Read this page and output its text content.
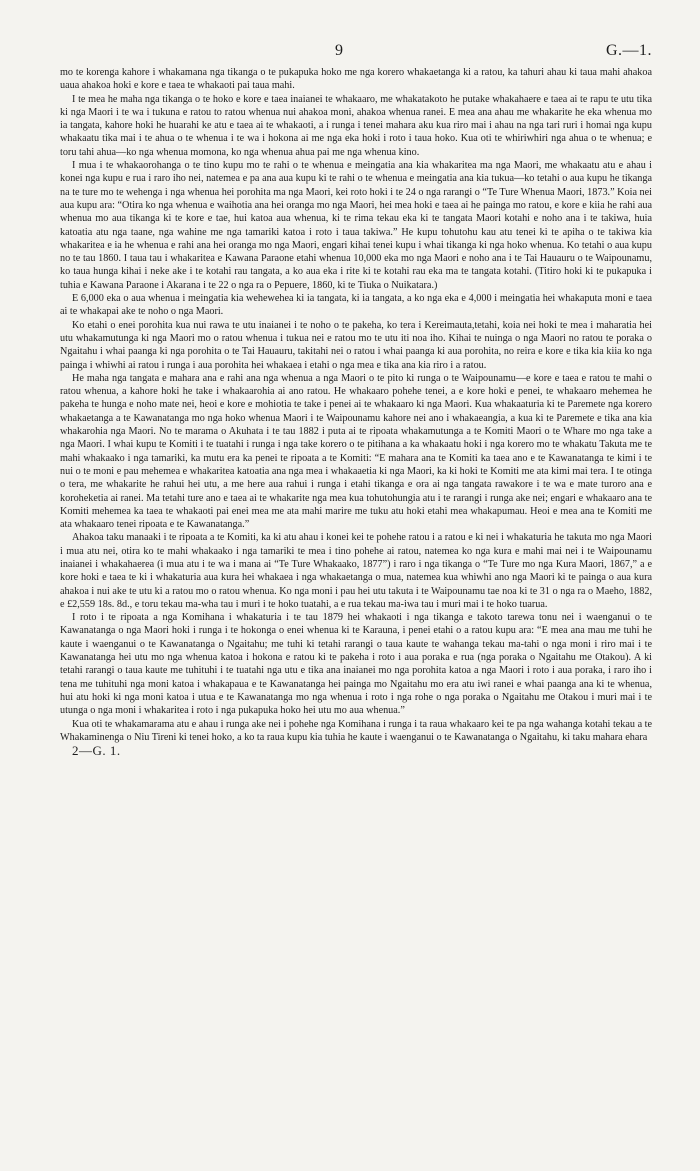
9	G.—1.

mo te korenga kahore i whakamana nga tikanga o te pukapuka hoko me nga korero whakaetanga ki a ratou, ka tahuri ahau ki taua mahi ahakoa uaua ahakoa hoki e kore e taea te whakaoti pai taua mahi.

I te mea he maha nga tikanga o te hoko e kore e taea inaianei te whakaaro, me whakatakoto he putake whakahaere e taea ai te rapu te utu tika ki nga Maori i te wa i tukuna e ratou to ratou whenua nui ahakoa moni, ahakoa whenua ranei. E mea ana ahau me whakarite he eka whenua mo ia tangata, kahore hoki he huarahi ke atu e taea ai te whakaoti, a i runga i tenei mahara aku kua riro mai i ahau na nga tari ruri i homai nga kupu whakaatu tika mai i te ahua o te whenua i te wa i hokona ai me nga eka hoki i roto i taua hoko. Kua oti te whiriwhiri nga ahua o te whenua; e toru tahi ahua—ko nga whenua momona, ko nga whenua ahua pai me nga whenua kino.

I mua i te whakaorohanga o te tino kupu mo te rahi o te whenua e meingatia ana kia whakaritea ma nga Maori, me whakaatu atu e ahau i konei nga kupu e rua i raro iho nei, natemea e pa ana aua kupu ki te rahi o te whenua e meingatia ana kia tukua—ko tetahi o aua kupu he tikanga na te ture mo te wehenga i nga whenua hei porohita ma nga Maori, kei roto hoki i te 24 o nga rarangi o “Te Ture Whenua Maori, 1873.” Koia nei aua kupu ara: “Otira ko nga whenua e waihotia ana hei oranga mo nga Maori, hei mea hoki e taea ai he painga mo ratou, e kore e kiia he rahi aua whenua mo aua tikanga ki te kore e tae, hui katoa aua whenua, ki te rima tekau eka ki te tangata Maori kotahi e noho ana i te takiwa, huia katoatia atu nga taane, nga wahine me nga tamariki katoa i roto i taua takiwa.” He kupu tohutohu kau atu tenei ki te apiha o te takiwa kia whakaritea e ia he whenua e rahi ana hei oranga mo nga Maori, engari kihai tenei kupu i whai tikanga ki nga hoko whenua. Ko tetahi o aua kupu no te tau 1860. I taua tau i whakaritea e Kawana Paraone etahi whenua 10,000 eka mo nga Maori e noho ana i te Tai Hauauru o te Waipounamu, ko taua hunga kihai i neke ake i te kotahi rau tangata, a ko aua eka i rite ki te kotahi rau eka ma te tangata kotahi. (Titiro hoki ki te pukapuka i tuhia e Kawana Paraone i Akarana i te 22 o nga ra o Pepuere, 1860, ki te Tiuka o Nuikatara.)

E 6,000 eka o aua whenua i meingatia kia wehewehea ki ia tangata, ki ia tangata, a ko nga eka e 4,000 i meingatia hei whakaputa moni e taea ai te whakapai ake te noho o nga Maori.

Ko etahi o enei porohita kua nui rawa te utu inaianei i te noho o te pakeha, ko tera i Kereimauta,tetahi, koia nei hoki te mea i maharatia hei utu whakamutunga ki nga Maori mo o ratou whenua i tukua nei e ratou mo te utu iti noa iho. Kihai te nuinga o nga Maori no ratou te poraka o Ngaitahu i whai paanga ki nga porohita o te Tai Hauauru, takitahi nei o ratou i whai paanga ki aua porohita, no reira e kore e tika kia kiia ko nga painga i whiwhi ai ratou i runga i aua porohita hei whakaea i etahi o nga mea e tika ana kia riro i a ratou.

He maha nga tangata e mahara ana e rahi ana nga whenua a nga Maori o te pito ki runga o te Waipounamu—e kore e taea e ratou te mahi o ratou whenua, a kahore hoki he take i whakaarohia ai ano ratou. He whakaaro pohehe tenei, a e kore hoki e penei, te whakaaro mehemea he pakeha te hunga e noho mate nei, heoi e kore e mohiotia te take i penei ai te whakaaro ki nga Maori. Kua whakaaturia ki te Paremete nga korero whakaetanga a te Kawanatanga mo nga hoko whenua Maori i te Waipounamu kahore nei ano i whakaeangia, a kua ki te Paremete e tika ana kia whakarohia nga Maori. No te marama o Akuhata i te tau 1882 i puta ai te ripoata whakamutunga a te Komiti Maori o te Whare mo nga take a nga Maori. I whai kupu te Komiti i te tuatahi i runga i nga take korero o te pitihana a ka whakaatu hoki i nga korero mo te whakatu Takuta me te mahi whakaako i nga tamariki, ka mutu era ka penei te ripoata a te Komiti: “E mahara ana te Komiti ka taea ano e te Kawanatanga te kimi i te nui o te moni e pau mehemea e whakaritea katoatia ana nga mea i whakaaetia ki nga Maori, ka ki hoki te Komiti me ata kimi mai tera. I te otinga o tera, me whakarite he rahui hei utu, a me here aua rahui i runga i etahi tikanga e ora ai nga tangata rawakore i te wa e mate turoro ana e koroheketia ai ranei. Ma tetahi ture ano e taea ai te whakarite nga mea kua tohutohungia atu i te rarangi i runga ake nei; engari e whakaaro ana te Komiti mehemea ka taea te whakaoti pai enei mea me ata mahi marire me tuku atu hoki etahi mea whakapumau. Heoi e mea ana te Komiti me ata whakaaro tenei ripoata e te Kawanatanga.”

Ahakoa taku manaaki i te ripoata a te Komiti, ka ki atu ahau i konei kei te pohehe ratou i a ratou e ki nei i whakaturia he takuta mo nga Maori i mua atu nei, otira ko te mahi whakaako i nga tamariki te mea i tino pohehe ai ratou, natemea ko nga kura e mahi mai nei i te Waipounamu inaianei i whakahaerea (i mua atu i te wa i mana ai “Te Ture Whakaako, 1877”) i raro i nga tikanga o “Te Ture mo nga Kura Maori, 1867,” a e kore hoki e taea te ki i whakaturia aua kura hei whakaea i nga whakaetanga o mua, natemea kua whiwhi ano nga Maori ki te painga o aua kura ahakoa i nui ake te utu ki a ratou mo o ratou whenua. Ko nga moni i pau hei utu takuta i te Waipounamu tae noa ki te 31 o nga ra o Maeho, 1882, e £2,559 18s. 8d., e toru tekau ma-wha tau i muri i te hoko tuatahi, a e rua tekau ma-iwa tau i muri mai i te hoko tuarua.

I roto i te ripoata a nga Komihana i whakaturia i te tau 1879 hei whakaoti i nga tikanga e takoto tarewa tonu nei i waenganui o te Kawanatanga o nga Maori hoki i runga i te hokonga o enei whenua ki te Karauna, i penei etahi o a ratou kupu ara: “E mea ana mau me tuhi he kaute i waenganui o te Kawanatanga o Ngaitahu; me tuhi ki tetahi rarangi o taua kaute te wahanga tekau ma-tahi o nga moni i riro mai i te Kawanatanga hei utu mo nga whenua katoa i hokona e ratou ki te pakeha i roto i aua poraka e rua (nga poraka o Ngaitahu me Otakou). A ki tetahi rarangi o taua kaute me tuhituhi i te tuatahi nga utu e tika ana inaianei mo nga porohita katoa a nga Maori i roto i aua poraka, i raro iho i tena me tuhituhi nga moni katoa i whakapaua e te Kawanatanga hei painga mo Ngaitahu mo era atu iwi ranei e whai paanga ana ki te whenua, hui atu hoki ki nga moni katoa i utua e te Kawanatanga mo nga whenua i roto i nga rohe o nga poraka o Ngaitahu me Otakou i muri mai i te utunga o nga moni i whakaritea i roto i nga pukapuka hoko hei utu mo aua whenua.”

Kua oti te whakamarama atu e ahau i runga ake nei i pohehe nga Komihana i runga i ta raua whakaaro kei te pa nga wahanga kotahi tekau a te Whakaminenga o Niu Tireni ki tenei hoko, a ko ta raua kupu kia tuhia he kaute i waenganui o te Kawanatanga o Ngaitahu, ki taku mahara ehara

2—G. 1.
